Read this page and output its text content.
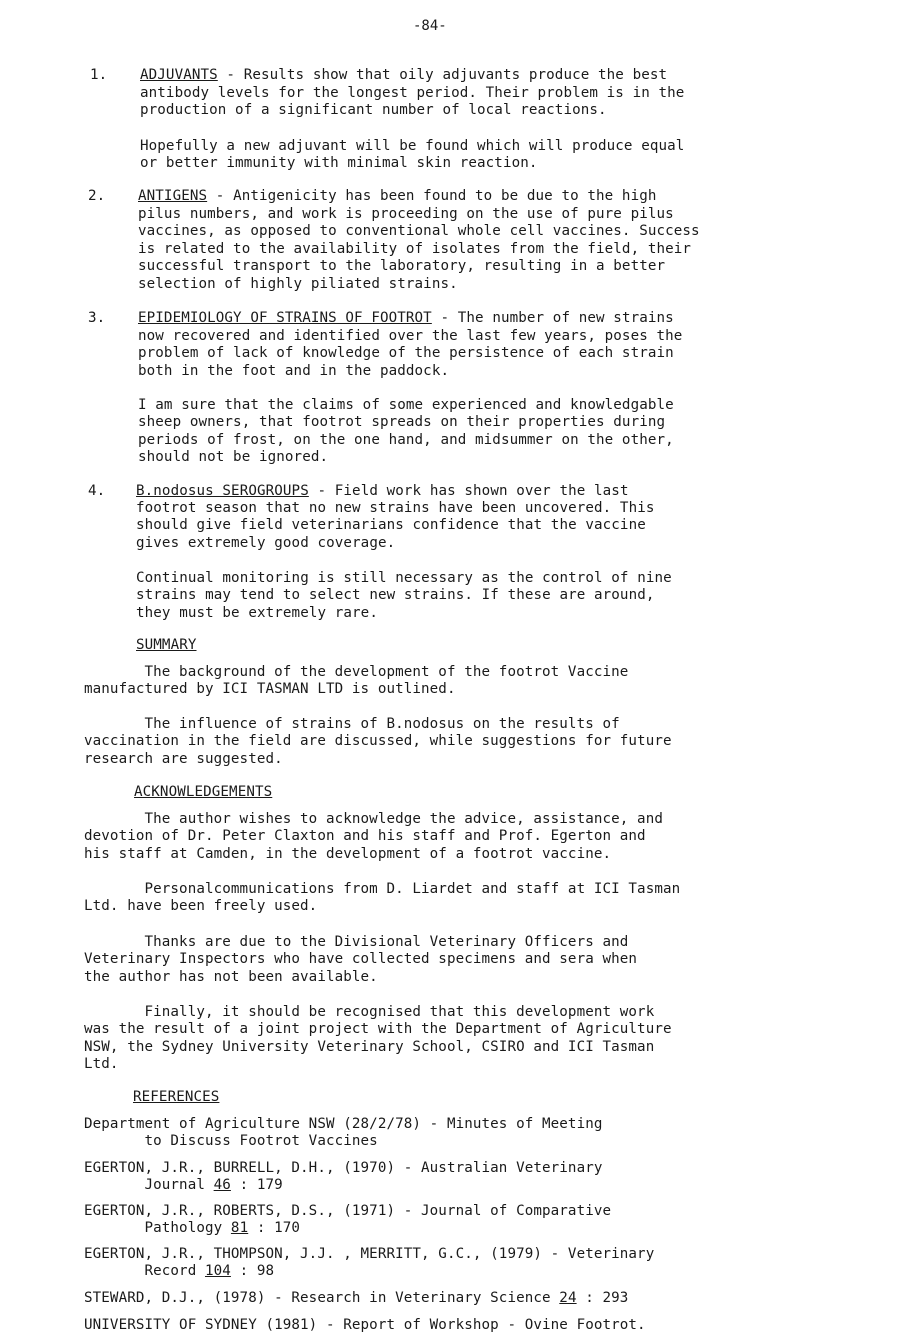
-84-
1. ADJUVANTS - Results show that oily adjuvants produce the best
antibody levels for the longest period. Their problem is in the
production of a significant number of local reactions.
Hopefully a new adjuvant will be found which will produce equal
or better immunity with minimal skin reaction.
2. ANTIGENS - Antigenicity has been found to be due to the high
pilus numbers, and work is proceeding on the use of pure pilus
vaccines, as opposed to conventional whole cell vaccines. Success
is related to the availability of isolates from the field, their
successful transport to the laboratory, resulting in a better
selection of highly piliated strains.
3. EPIDEMIOLOGY OF STRAINS OF FOOTROT - The number of new strains
now recovered and identified over the last few years, poses the
problem of lack of knowledge of the persistence of each strain
both in the foot and in the paddock.
I am sure that the claims of some experienced and knowledgable
sheep owners, that footrot spreads on their properties during
periods of frost, on the one hand, and midsummer on the other,
should not be ignored.
4. B.nodosus SEROGROUPS - Field work has shown over the last
footrot season that no new strains have been uncovered. This
should give field veterinarians confidence that the vaccine
gives extremely good coverage.
Continual monitoring is still necessary as the control of nine
strains may tend to select new strains. If these are around,
they must be extremely rare.
SUMMARY
The background of the development of the footrot Vaccine
manufactured by ICI TASMAN LTD is outlined.
The influence of strains of B.nodosus on the results of
vaccination in the field are discussed, while suggestions for future
research are suggested.
ACKNOWLEDGEMENTS
The author wishes to acknowledge the advice, assistance, and
devotion of Dr. Peter Claxton and his staff and Prof. Egerton and
his staff at Camden, in the development of a footrot vaccine.
Personalcommunications from D. Liardet and staff at ICI Tasman
Ltd. have been freely used.
Thanks are due to the Divisional Veterinary Officers and
Veterinary Inspectors who have collected specimens and sera when
the author has not been available.
Finally, it should be recognised that this development work
was the result of a joint project with the Department of Agriculture
NSW, the Sydney University Veterinary School, CSIRO and ICI Tasman
Ltd.
REFERENCES
Department of Agriculture NSW (28/2/78) - Minutes of Meeting
to Discuss Footrot Vaccines
EGERTON, J.R., BURRELL, D.H., (1970) - Australian Veterinary
Journal 46 : 179
EGERTON, J.R., ROBERTS, D.S., (1971) - Journal of Comparative
Pathology 81 : 170
EGERTON, J.R., THOMPSON, J.J. , MERRITT, G.C., (1979) - Veterinary
Record 104 : 98
STEWARD, D.J., (1978) - Research in Veterinary Science 24 : 293
UNIVERSITY OF SYDNEY (1981) - Report of Workshop - Ovine Footrot.
